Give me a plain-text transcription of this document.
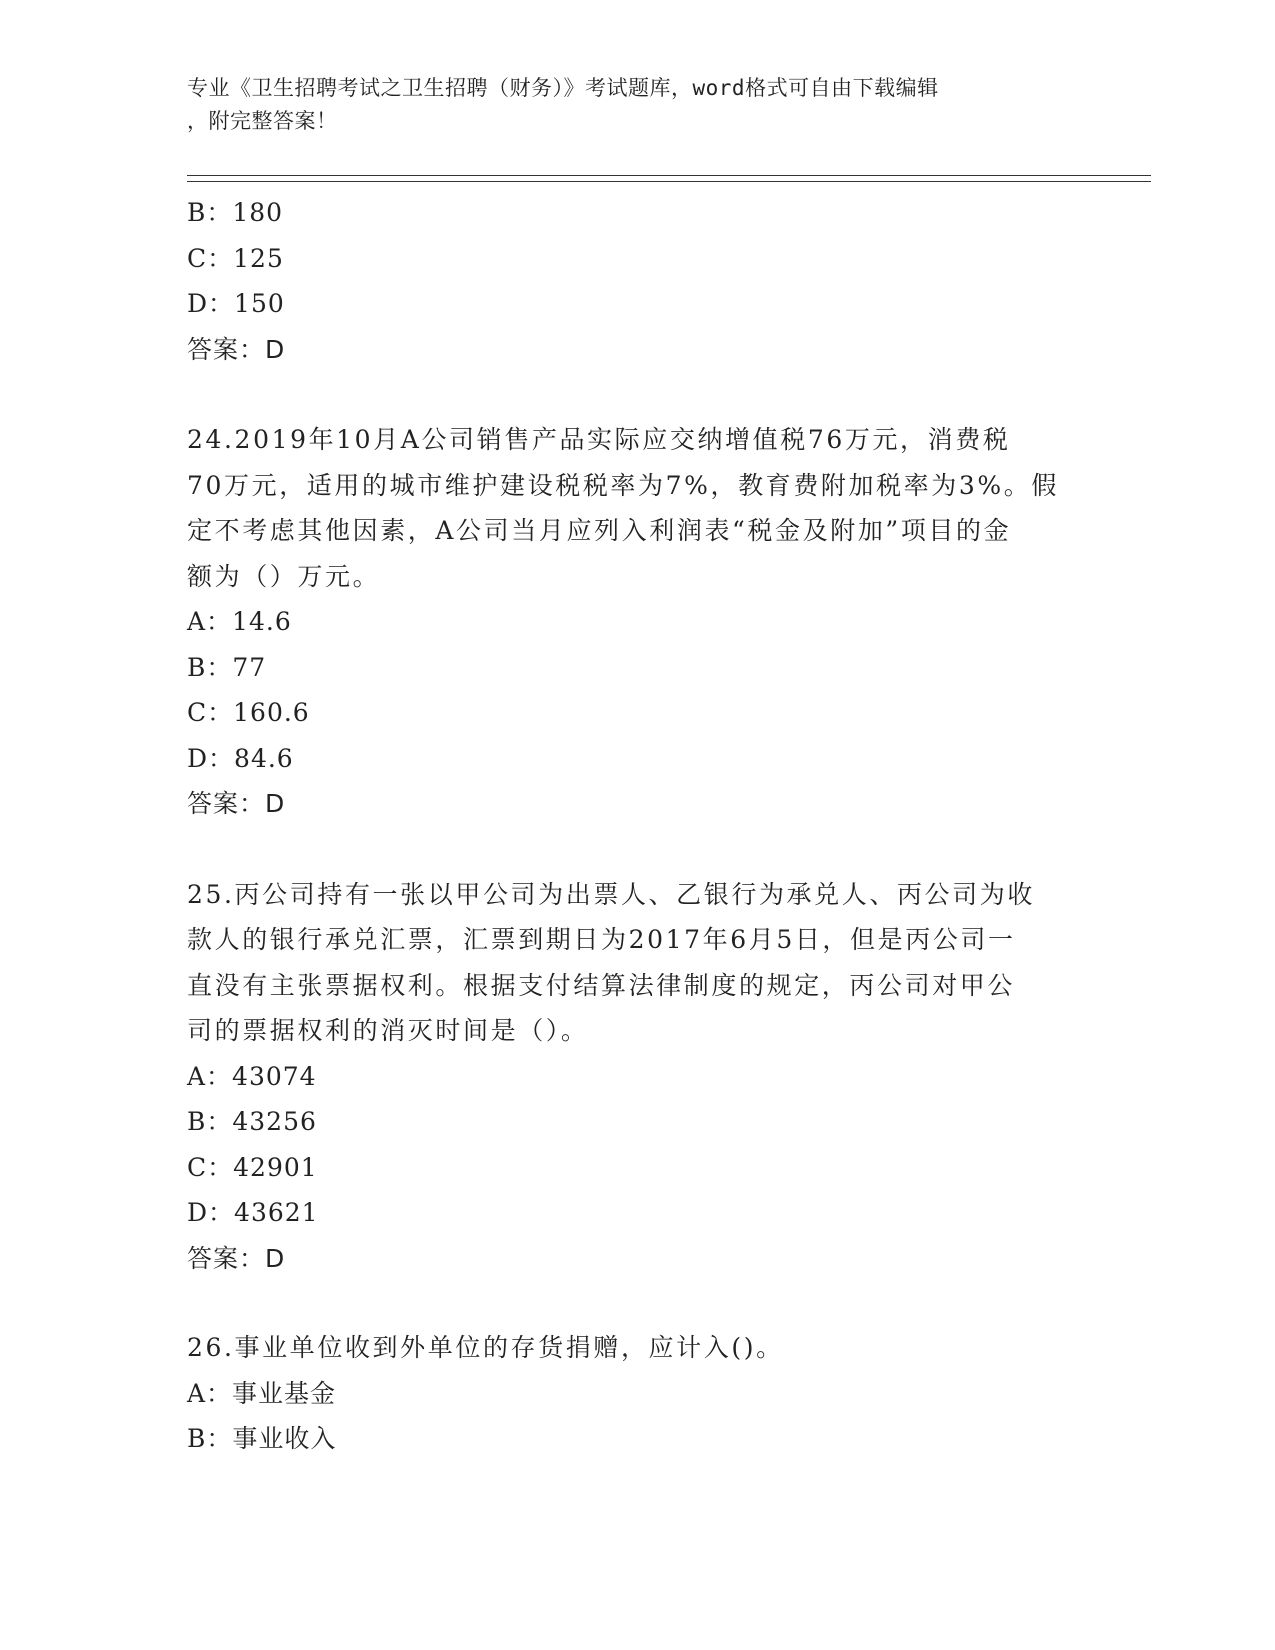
专业《卫生招聘考试之卫生招聘（财务）》考试题库，word格式可自由下载编辑
，附完整答案！
B：180
C：125
D：150
答案：D
24.2019年10月A公司销售产品实际应交纳增值税76万元，消费税
70万元，适用的城市维护建设税税率为7%，教育费附加税率为3%。假
定不考虑其他因素，A公司当月应列入利润表“税金及附加”项目的金
额为（）万元。
A：14.6
B：77
C：160.6
D：84.6
答案：D
25.丙公司持有一张以甲公司为出票人、乙银行为承兑人、丙公司为收
款人的银行承兑汇票，汇票到期日为2017年6月5日，但是丙公司一
直没有主张票据权利。根据支付结算法律制度的规定，丙公司对甲公
司的票据权利的消灭时间是（）。
A：43074
B：43256
C：42901
D：43621
答案：D
26.事业单位收到外单位的存货捐赠，应计入()。
A：事业基金
B：事业收入
